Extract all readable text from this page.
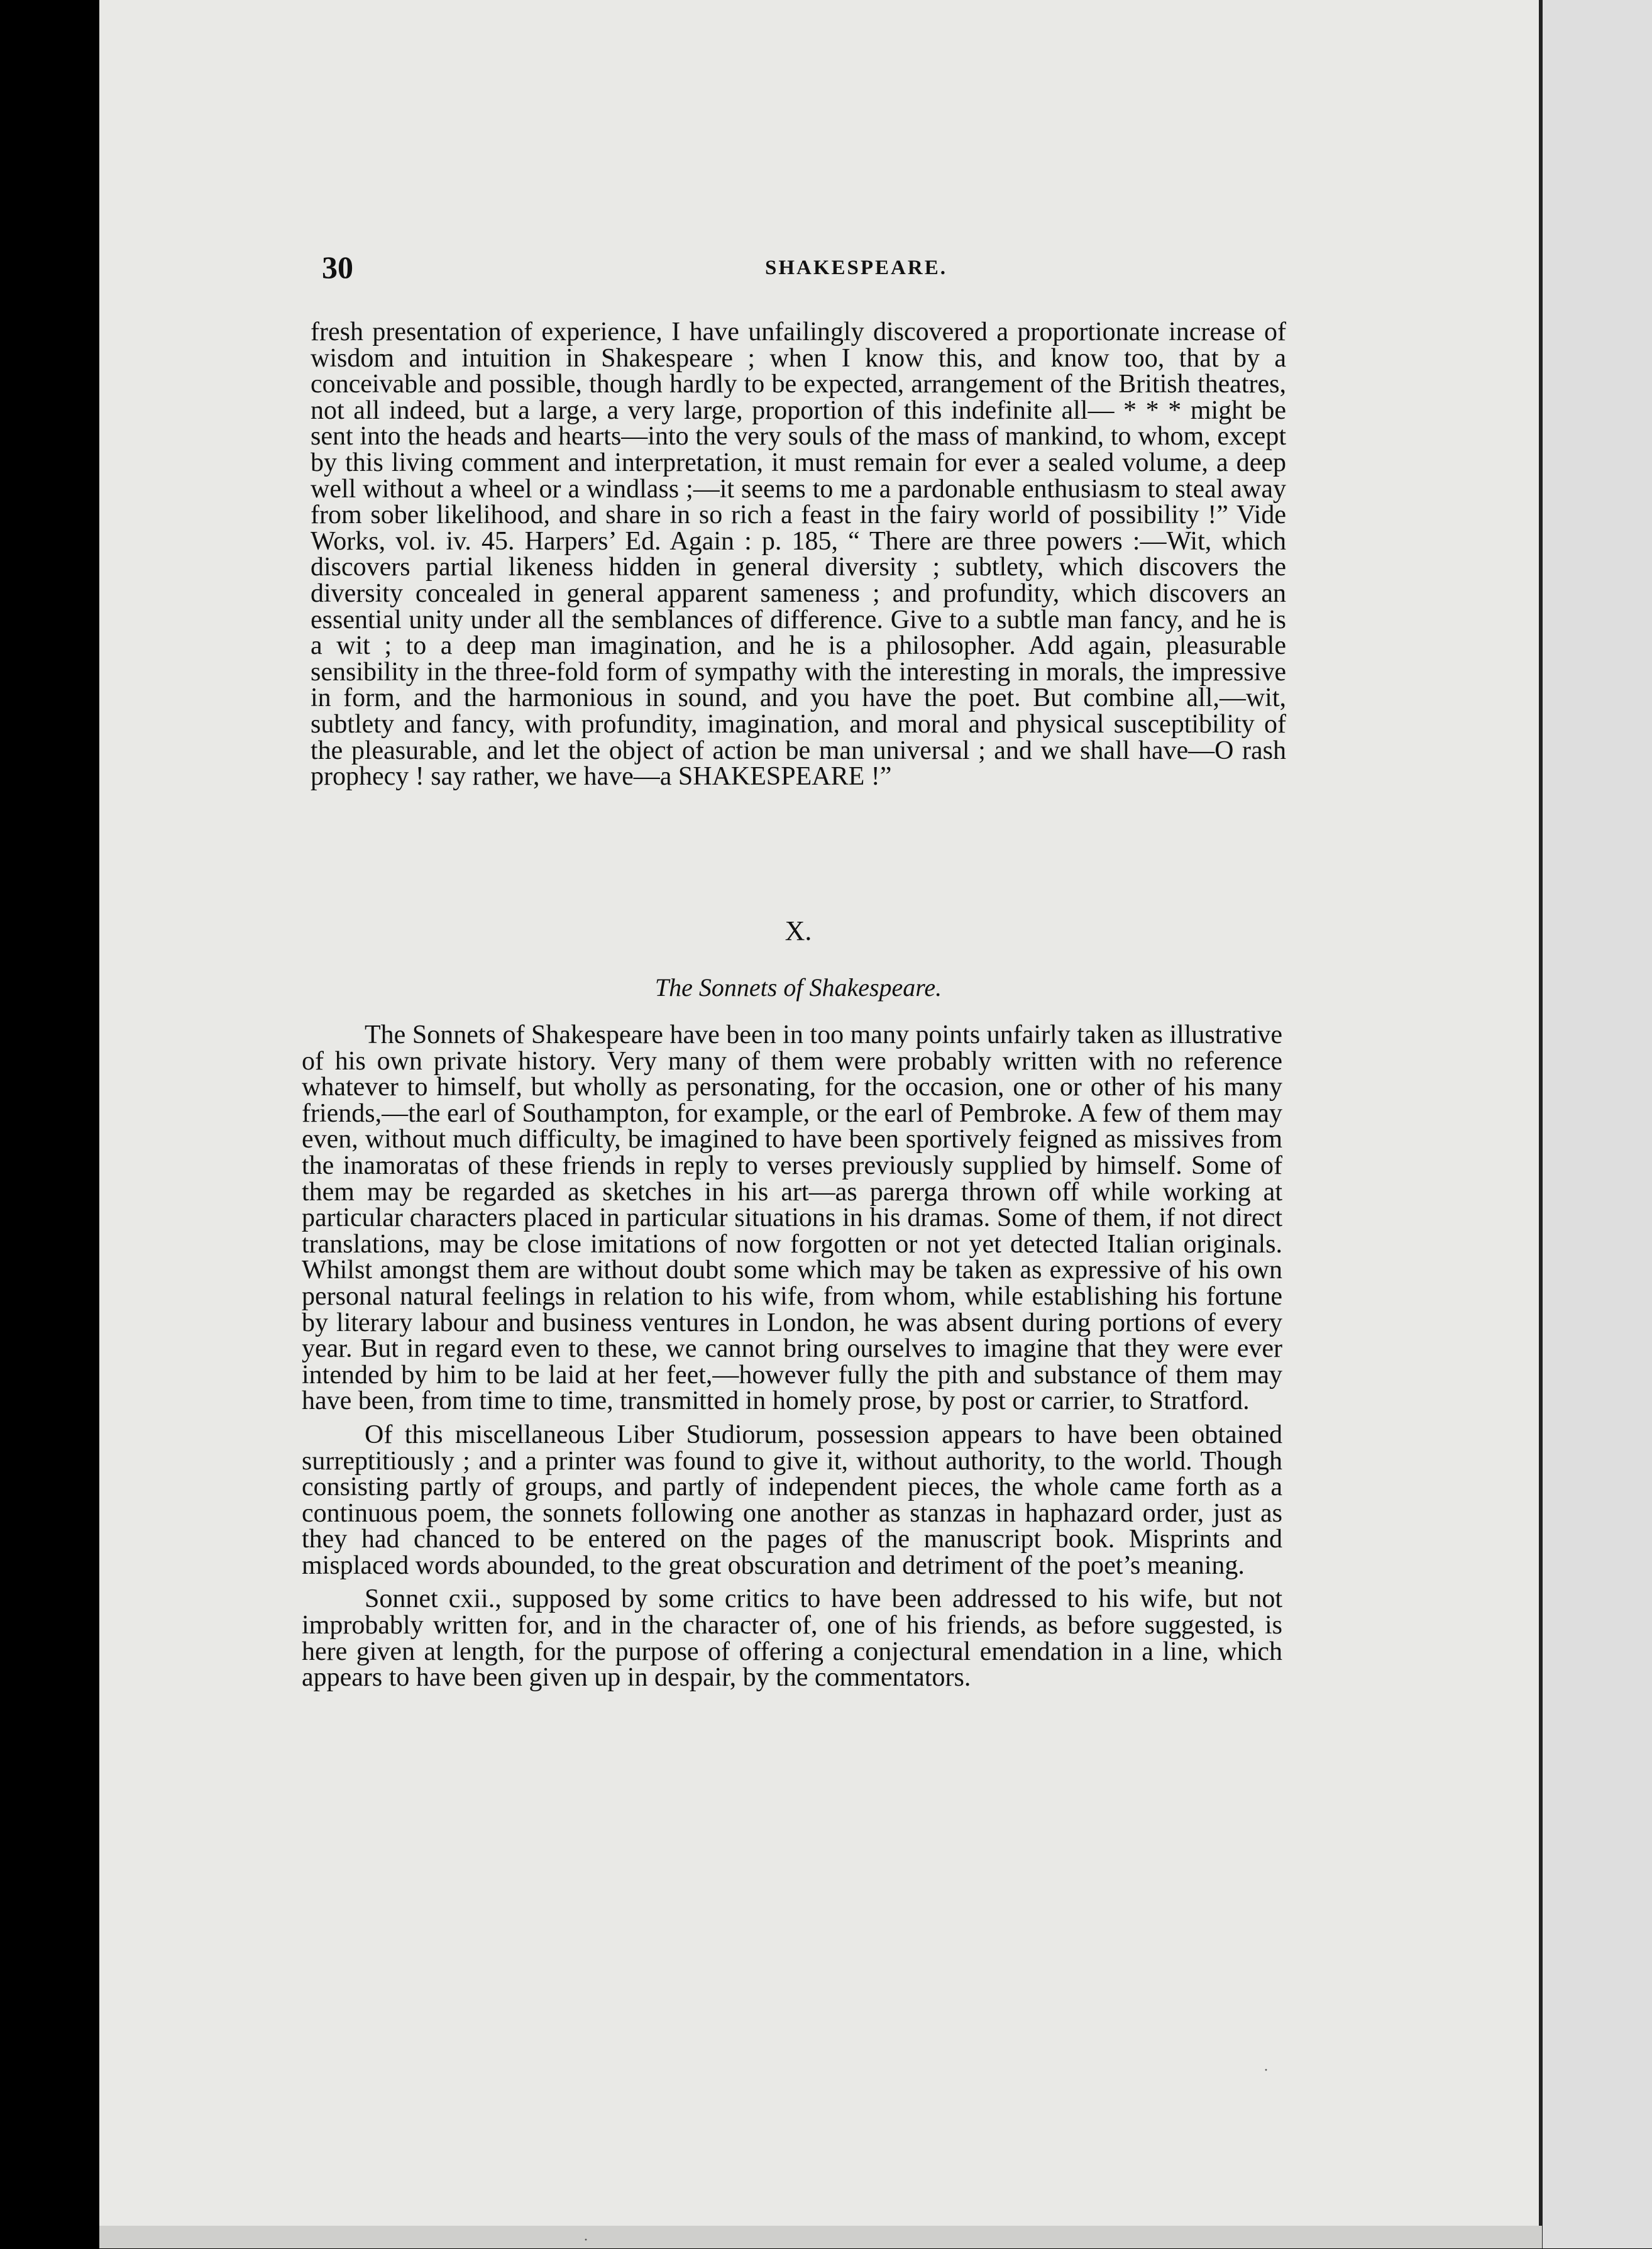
30	SHAKESPEARE.

fresh presentation of experience, I have unfailingly discovered a proportionate increase of wisdom and intuition in Shakespeare ; when I know this, and know too, that by a conceivable and possible, though hardly to be expected, arrangement of the British theatres, not all indeed, but a large, a very large, proportion of this indefinite all— * * * might be sent into the heads and hearts—into the very souls of the mass of mankind, to whom, except by this living comment and interpretation, it must remain for ever a sealed volume, a deep well without a wheel or a windlass ;—it seems to me a pardonable enthusiasm to steal away from sober likelihood, and share in so rich a feast in the fairy world of possibility !” Vide Works, vol. iv. 45. Harpers’ Ed. Again : p. 185, “ There are three powers :—Wit, which discovers partial likeness hidden in general diversity ; subtlety, which discovers the diversity concealed in general apparent sameness ; and profundity, which discovers an essential unity under all the semblances of difference. Give to a subtle man fancy, and he is a wit ; to a deep man imagination, and he is a philosopher. Add again, pleasurable sensibility in the three-fold form of sympathy with the interesting in morals, the impressive in form, and the harmonious in sound, and you have the poet. But combine all,—wit, subtlety and fancy, with profundity, imagination, and moral and physical susceptibility of the pleasurable, and let the object of action be man universal ; and we shall have—O rash prophecy ! say rather, we have—a SHAKESPEARE !”

X.
The Sonnets of Shakespeare.

The Sonnets of Shakespeare have been in too many points unfairly taken as illustrative of his own private history. Very many of them were probably written with no reference whatever to himself, but wholly as personating, for the occasion, one or other of his many friends,—the earl of Southampton, for example, or the earl of Pembroke. A few of them may even, without much difficulty, be imagined to have been sportively feigned as missives from the inamoratas of these friends in reply to verses previously supplied by himself. Some of them may be regarded as sketches in his art—as parerga thrown off while working at particular characters placed in particular situations in his dramas. Some of them, if not direct translations, may be close imitations of now forgotten or not yet detected Italian originals. Whilst amongst them are without doubt some which may be taken as expressive of his own personal natural feelings in relation to his wife, from whom, while establishing his fortune by literary labour and business ventures in London, he was absent during portions of every year. But in regard even to these, we cannot bring ourselves to imagine that they were ever intended by him to be laid at her feet,—however fully the pith and substance of them may have been, from time to time, transmitted in homely prose, by post or carrier, to Stratford.

Of this miscellaneous Liber Studiorum, possession appears to have been obtained surreptitiously ; and a printer was found to give it, without authority, to the world. Though consisting partly of groups, and partly of independent pieces, the whole came forth as a continuous poem, the sonnets following one another as stanzas in haphazard order, just as they had chanced to be entered on the pages of the manuscript book. Misprints and misplaced words abounded, to the great obscuration and detriment of the poet’s meaning.

Sonnet cxii., supposed by some critics to have been addressed to his wife, but not improbably written for, and in the character of, one of his friends, as before suggested, is here given at length, for the purpose of offering a conjectural emendation in a line, which appears to have been given up in despair, by the commentators.

·
·
